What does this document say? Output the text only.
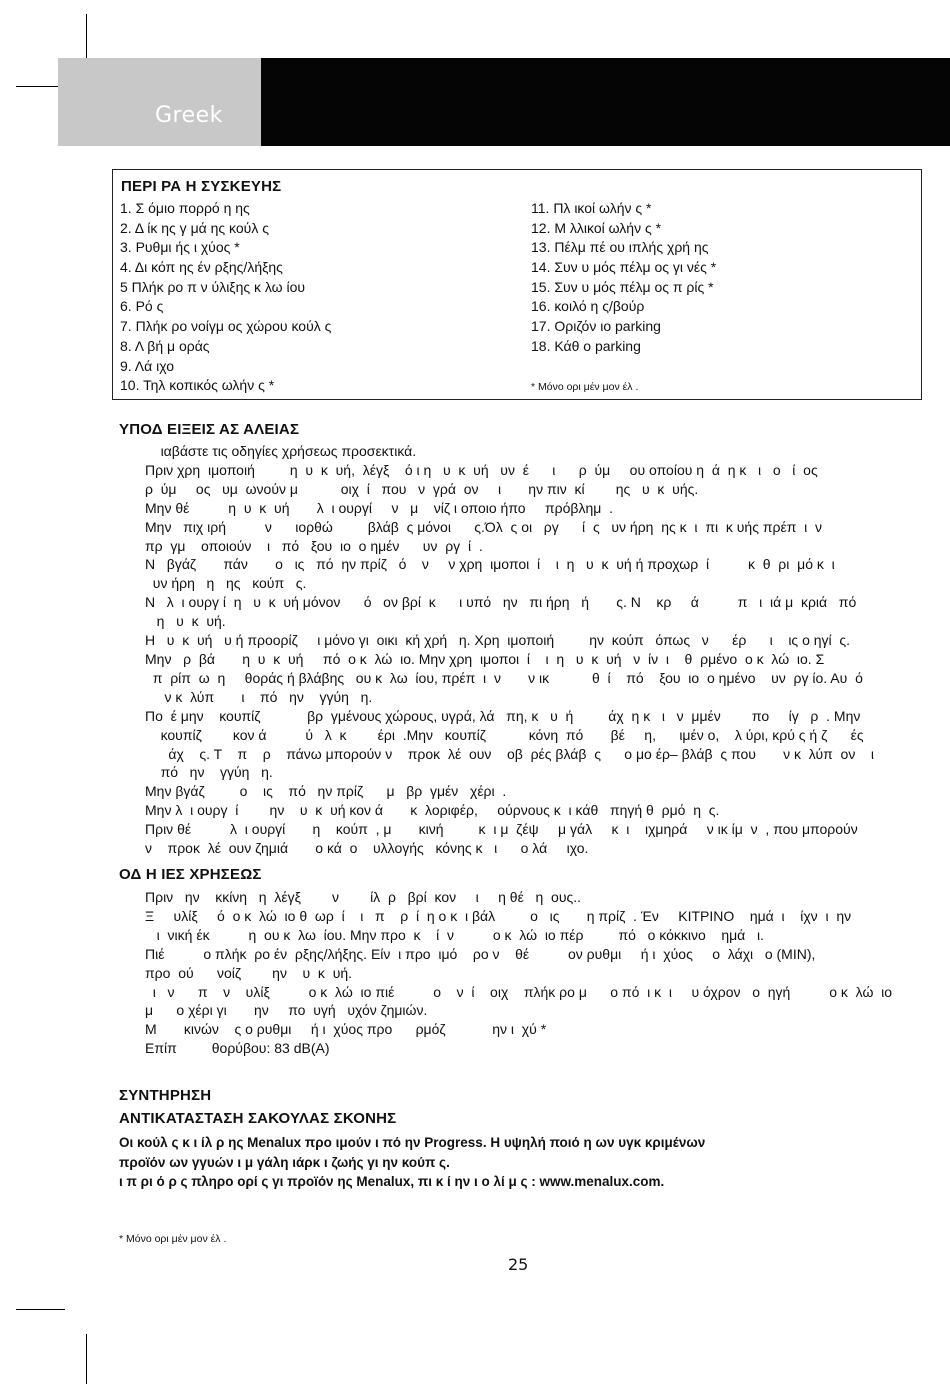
Greek
ΠΕΡΙ ΡΑ Η ΣΥΣΚΕΥΗΣ
1. Σ όμιο πορρό η ης
2. Δ ίκ ης γ μά ης κούλ ς
3. Ρυθμι ής ι χύος *
4. Δι κόπ ης έν ρξης/λήξης
5 Πλήκ ρο π ν ύλιξης κ λω ίου
6. Ρό ς
7. Πλήκ ρο νοίγμ ος χώρου κούλ ς
8. Λ βή μ οράς
9. Λά ιχο
10. Τηλ κοπικός ωλήν ς *
11. Πλ ικοί ωλήν ς *
12. Μ λλικοί ωλήν ς *
13. Πέλμ πέ ου ιπλής χρή ης
14. Συν υ μός πέλμ ος γι νές *
15. Συν υ μός πέλμ ος π ρίς *
16. κοιλό η ς/βούρ
17. Οριζόν ιο parking
18. Κάθ ο parking
* Μόνο ορι μέν μον έλ .
ΥΠΟΔ ΕΙΞΕΙΣ ΑΣ ΑΛΕΙΑΣ
ιαβάστε τις οδηγίες χρήσεως προσεκτικά.
Πριν χρη  ιμοποιή         η  υ  κ  υή,  λέγξ    ό ι η   υ  κ  υή   υν  έ      ι      ρ  ύμ     ου οποίου η  ά  η κ   ι   ο   ί  ος
ρ  ύμ     ος   υμ  ωνούν μ           οιχ  ί   που   ν  γρά  ον     ι       ην πιν  κί        ης   υ  κ  υής.
Μην θέ          η  υ  κ  υή       λ  ι ουργί     ν   μ    νίζ ι οποιο ήπο     πρόβλημ  .
Μην   πιχ ιρή          ν      ιορθώ         βλάβ  ς μόνοι      ς.Όλ  ς οι   ργ      ί  ς   υν ήρη  ης κ  ι  πι  κ υής πρέπ  ι  ν
πρ  γμ    οποιούν    ι   πό   ξου  ιο  ο ημέν      υν  ργ  ί  .
Ν   βγάζ       πάν       ο   ις   πό  ην πρίζ   ό    ν     ν χρη  ιμοποι  ί    ι  η   υ  κ  υή ή προχωρ  ί          κ  θ  ρι  μό κ  ι
υν ήρη   η   ης   κούπ   ς.
Ν   λ  ι ουργ ί  η   υ  κ  υή μόνον      ό   ον βρί  κ      ι υπό   ην   πι ήρη   ή       ς. Ν    κρ     ά          π   ι  ιά μ  κριά   πό
η   υ  κ  υή.
Η   υ  κ  υή   υ ή προορίζ     ι μόνο γι  οικι  κή χρή   η. Χρη  ιμοποιή         ην  κούπ   όπως   ν      έρ      ι    ις ο ηγί  ς.
Μην   ρ  βά       η  υ  κ  υή     πό  ο κ  λώ  ιο. Μην χρη  ιμοποι  ί    ι  η   υ  κ  υή   ν  ίν  ι    θ  ρμένο  ο κ  λώ  ιο. Σ
π  ρίπ  ω  η     θοράς ή βλάβης   ου κ  λω  ίου, πρέπ  ι  ν       ν ικ           θ  ί    πό    ξου  ιο  ο ημένο    υν  ργ ίο. Αυ  ό
ν κ  λύπ       ι    πό   ην    γγύη   η.
Πο  έ μην    κουπίζ            βρ  γμένους χώρους, υγρά, λά   πη, κ   υ  ή         άχ  η κ   ι   ν  μμέν        πο     ίγ   ρ  . Μην
κουπίζ        κον ά          ύ   λ  κ        έρι  .Μην   κουπίζ           κόνη  πό       βέ     η,      ιμέν ο,    λ ύρι, κρύ ς ή ζ      ές
άχ    ς. Τ    π    ρ    πάνω μπορούν ν    προκ  λέ  ουν    οβ  ρές βλάβ  ς      ο μο έρ– βλάβ  ς που       ν κ  λύπ  ον    ι
πό   ην    γγύη   η.
Μην βγάζ         ο    ις    πό   ην πρίζ      μ   βρ  γμέν   χέρι  .
Μην λ  ι ουργ  ί        ην    υ  κ  υή κον ά       κ  λοριφέρ,     ούρνους κ  ι κάθ   πηγή θ  ρμό  η  ς.
Πριν θέ          λ  ι ουργί       η    κούπ  , μ       κινή         κ  ι μ  ζέψ     μ γάλ     κ  ι    ιχμηρά     ν ικ ίμ  ν  , που μπορούν
ν    προκ  λέ  ουν ζημιά       ο κά  ο    υλλογής   κόνης κ   ι      ο λά     ιχο.
ΟΔ Η ΙΕΣ ΧΡΗΣΕΩΣ
Πριν   ην    κκίνη   η  λέγξ        ν        ίλ  ρ   βρί  κον     ι     η θέ   η  ους..
Ξ     υλίξ     ό  ο κ  λώ  ιο θ  ωρ  ί    ι   π    ρ  ί  η ο κ  ι βάλ         ο   ις       η πρίζ  . Έν     ΚΙΤΡΙΝΟ    ημά  ι    ίχν  ι  ην
ι  νική έκ          η  ου κ  λω  ίου. Μην προ  κ    ί  ν          ο κ  λώ  ιο πέρ         πό   ο κόκκινο    ημά   ι.
Πιέ          ο πλήκ  ρο έν  ρξης/λήξης. Είν  ι προ  ιμό    ρο ν    θέ          ον ρυθμι     ή ι  χύος     ο  λάχι   ο (MIN),
προ  ού      νοίζ        ην    υ  κ  υή.
ι   ν      π    ν    υλίξ          ο κ  λώ  ιο πιέ          ο    ν  ί    οιχ    πλήκ ρο μ      ο πό  ι κ  ι     υ όχρον   ο  ηγή          ο κ  λώ  ιο
μ      ο χέρι γι       ην     πο  υγή   υχόν ζημιών.
Μ       κινών    ς ο ρυθμι     ή ι  χύος προ      ρμόζ            ην ι  χύ *
Επίπ         θορύβου: 83 dB(A)
ΣΥΝΤΗΡΗΣΗ
ΑΝΤΙΚΑΤΑΣΤΑΣΗ ΣΑΚΟΥΛΑΣ ΣΚΟΝΗΣ
Οι κούλ ς κ ι ίλ ρ ης Menalux προ ιμούν ι πό ην Progress. Η υψηλή ποιό η ων υγκ κριμένων
προϊόν ων γγυών ι μ γάλη ιάρκ ι ζωής γι ην κούπ ς.
ι π ρι ό ρ ς πληρο ορί ς γι προϊόν ης Menalux, πι κ ί ην ι ο λί μ ς : www.menalux.com.
* Μόνο ορι μέν μον έλ .
25
